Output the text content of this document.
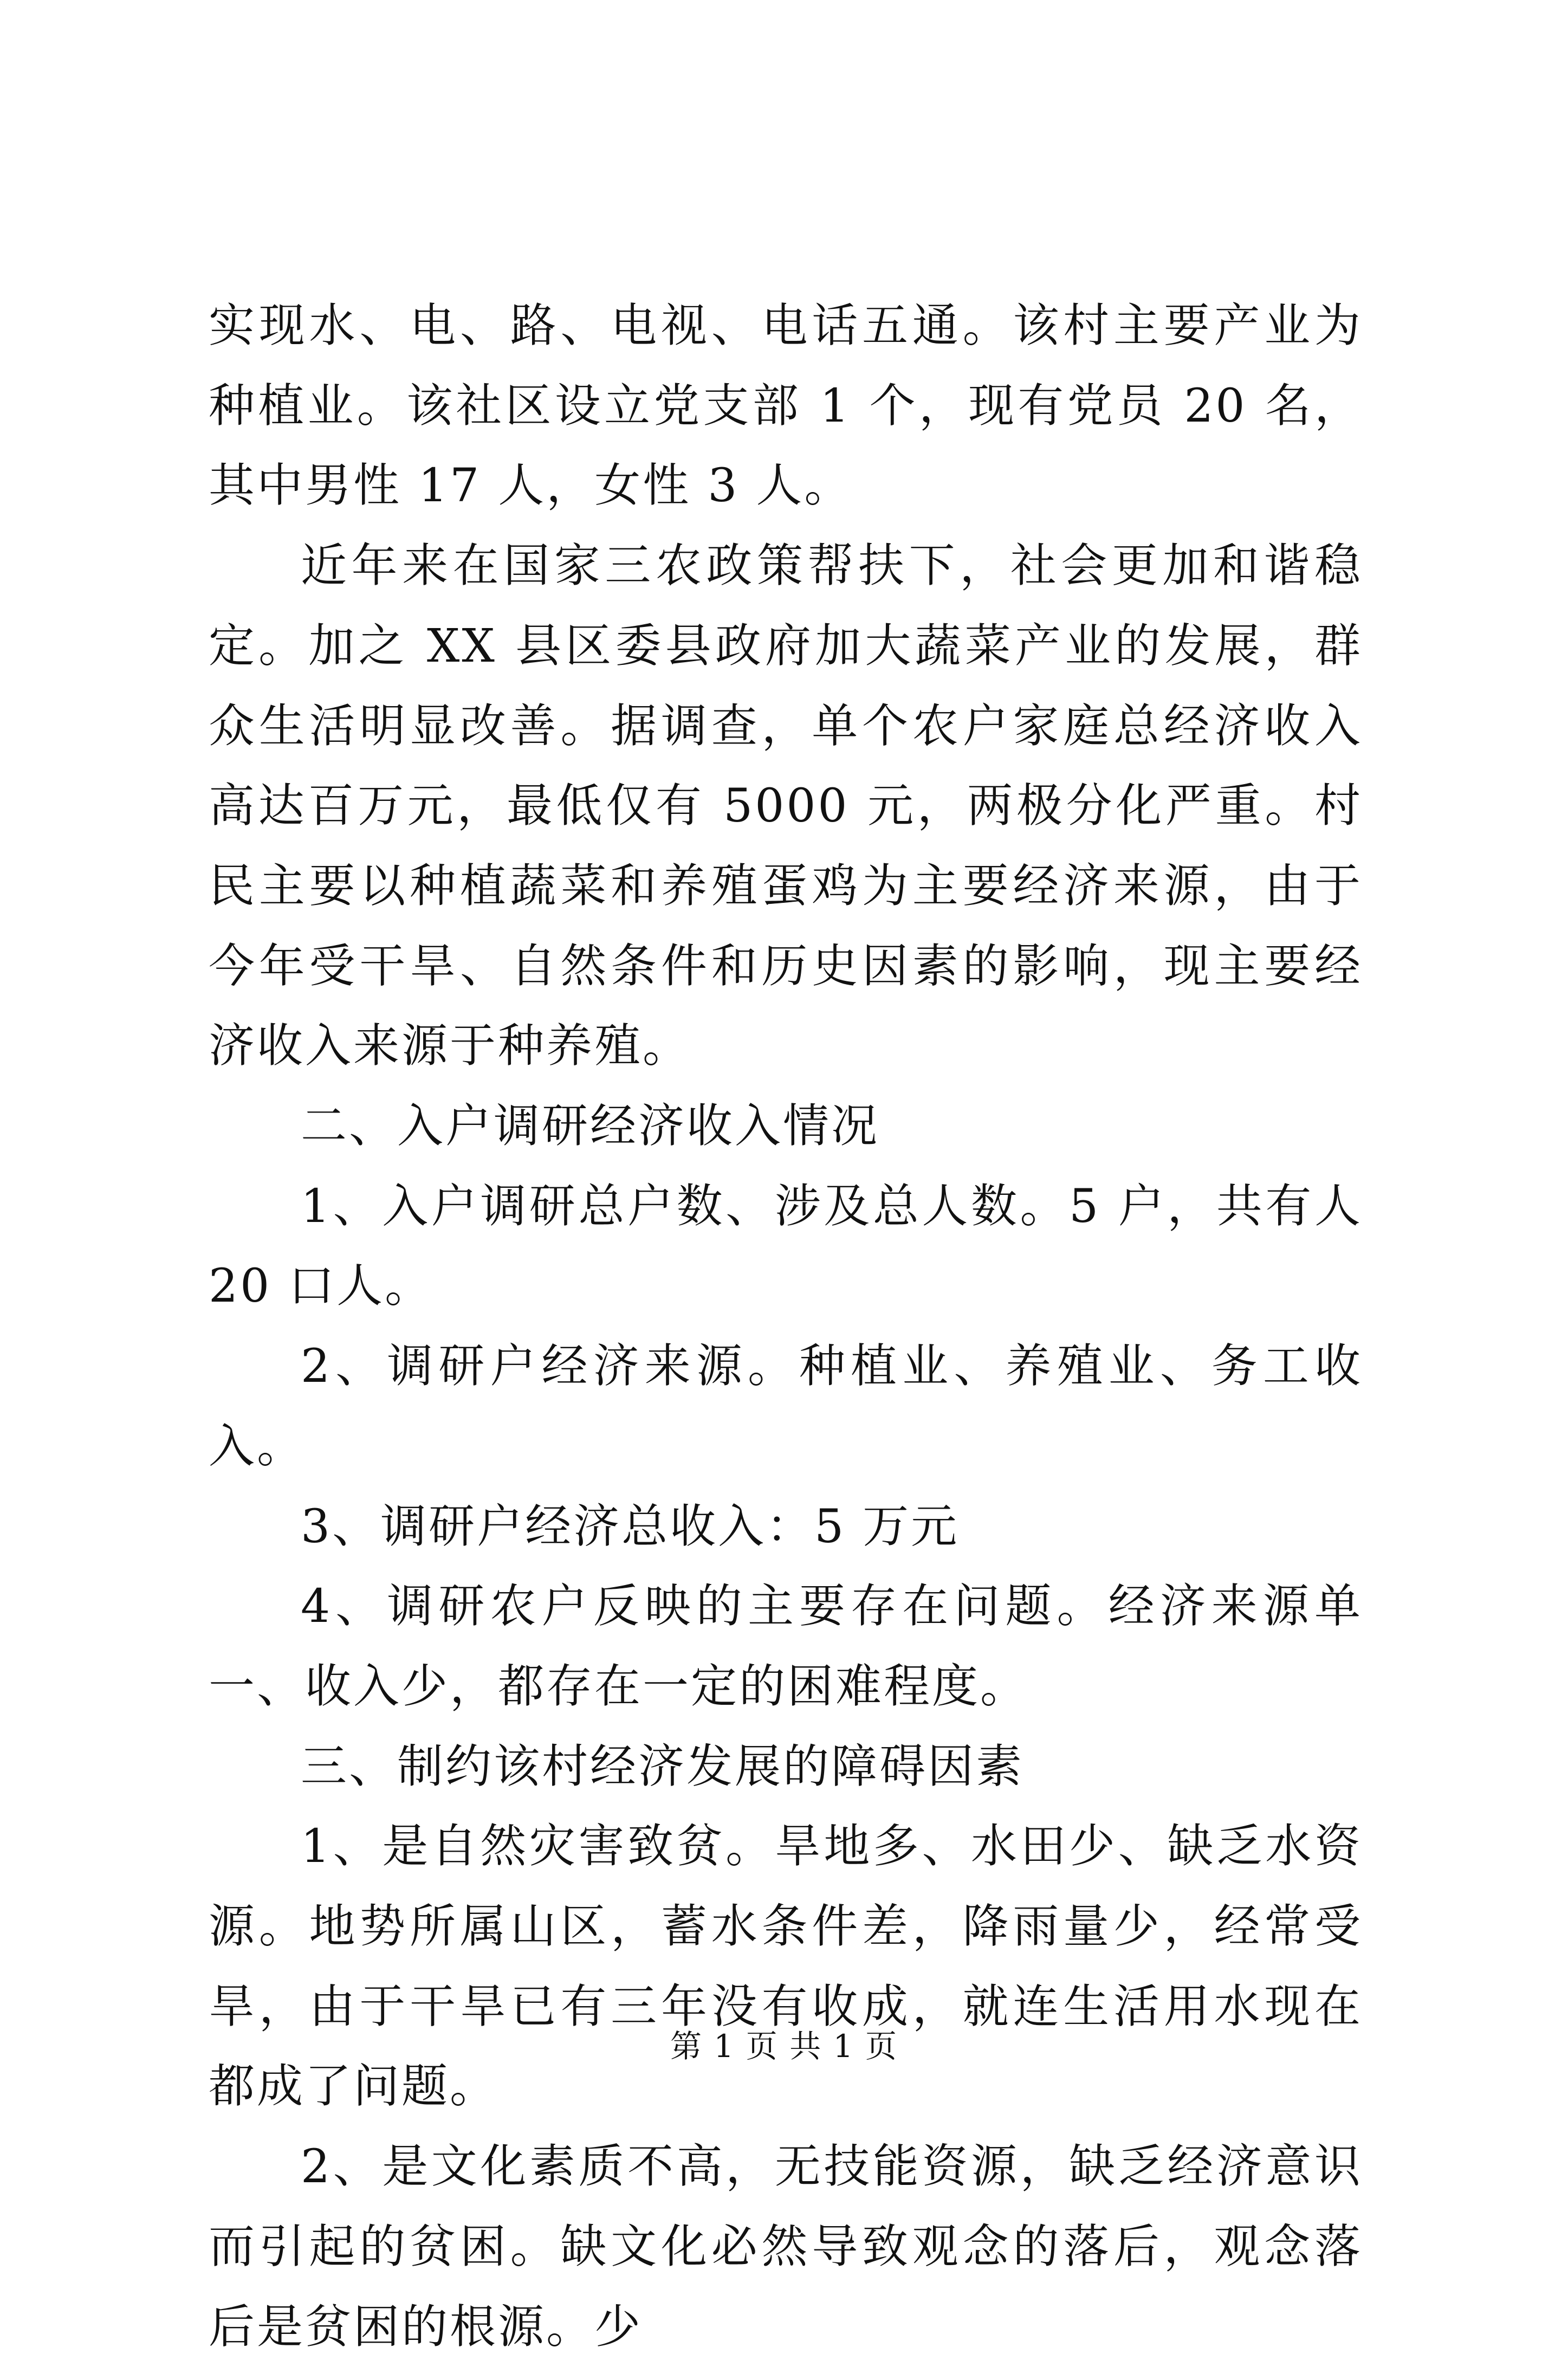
实现水、电、路、电视、电话五通。该村主要产业为种植业。该社区设立党支部 1 个，现有党员 20 名，其中男性 17 人，女性 3 人。

近年来在国家三农政策帮扶下，社会更加和谐稳定。加之 XX 县区委县政府加大蔬菜产业的发展，群众生活明显改善。据调查，单个农户家庭总经济收入高达百万元，最低仅有 5000 元，两极分化严重。村民主要以种植蔬菜和养殖蛋鸡为主要经济来源，由于今年受干旱、自然条件和历史因素的影响，现主要经济收入来源于种养殖。

二、入户调研经济收入情况

1、入户调研总户数、涉及总人数。5 户，共有人 20 口人。

2、调研户经济来源。种植业、养殖业、务工收入。

3、调研户经济总收入：5 万元

4、调研农户反映的主要存在问题。经济来源单一、收入少，都存在一定的困难程度。

三、制约该村经济发展的障碍因素

1、是自然灾害致贫。旱地多、水田少、缺乏水资源。地势所属山区，蓄水条件差，降雨量少，经常受旱，由于干旱已有三年没有收成，就连生活用水现在都成了问题。

2、是文化素质不高，无技能资源，缺乏经济意识而引起的贫困。缺文化必然导致观念的落后，观念落后是贫困的根源。少

第 1 页 共 1 页
